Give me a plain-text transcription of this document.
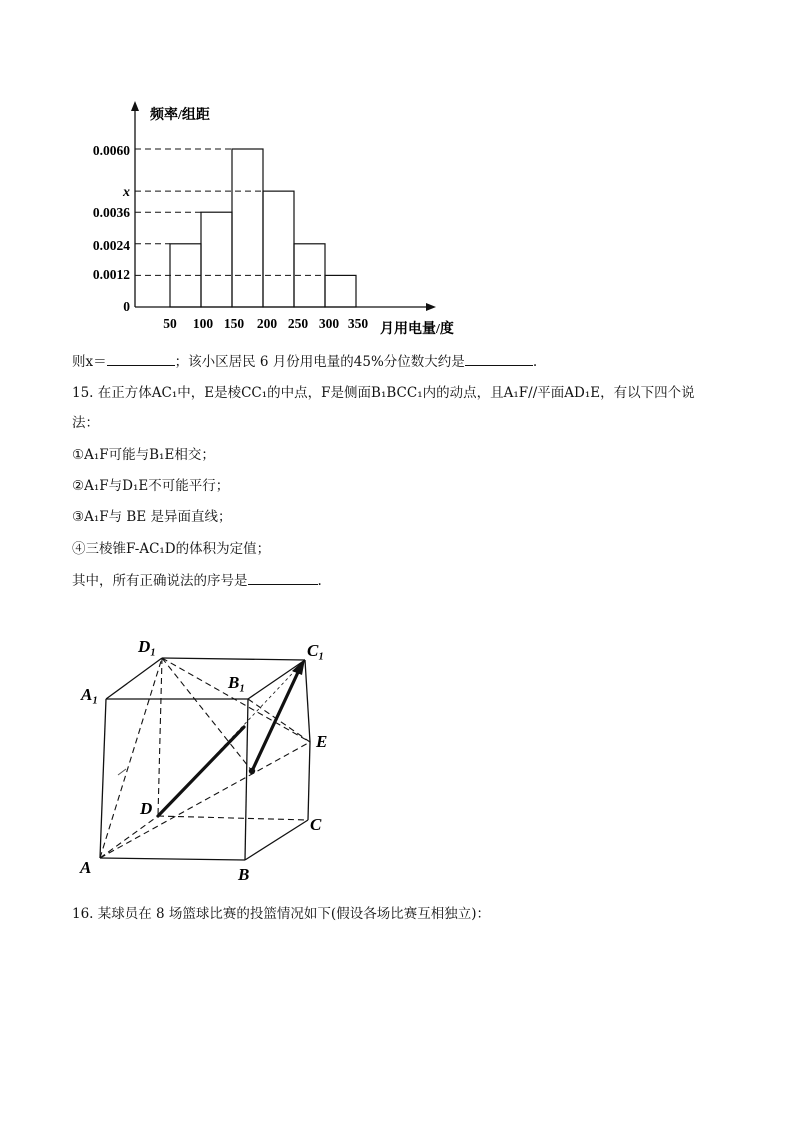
频率/组距
0.0060
x
0.0036
0.0024
0.0012
0
50 100 150 200 250 300 350 月用电量/度
则x＝	；该小区居民 6 月份用电量的45%分位数大约是	.
15. 在正方体AC₁中，E是棱CC₁的中点，F是侧面B₁BCC₁内的动点，且A₁F//平面AD₁E，有以下四个说
法：
①A₁F可能与B₁E相交；
②A₁F与D₁E不可能平行；
③A₁F与 BE 是异面直线；
④三棱锥F-AC₁D的体积为定值；
其中，所有正确说法的序号是	.
D₁	C₁
A₁
B₁
E
D
C
A	B
16. 某球员在 8 场篮球比赛的投篮情况如下(假设各场比赛互相独立)：
